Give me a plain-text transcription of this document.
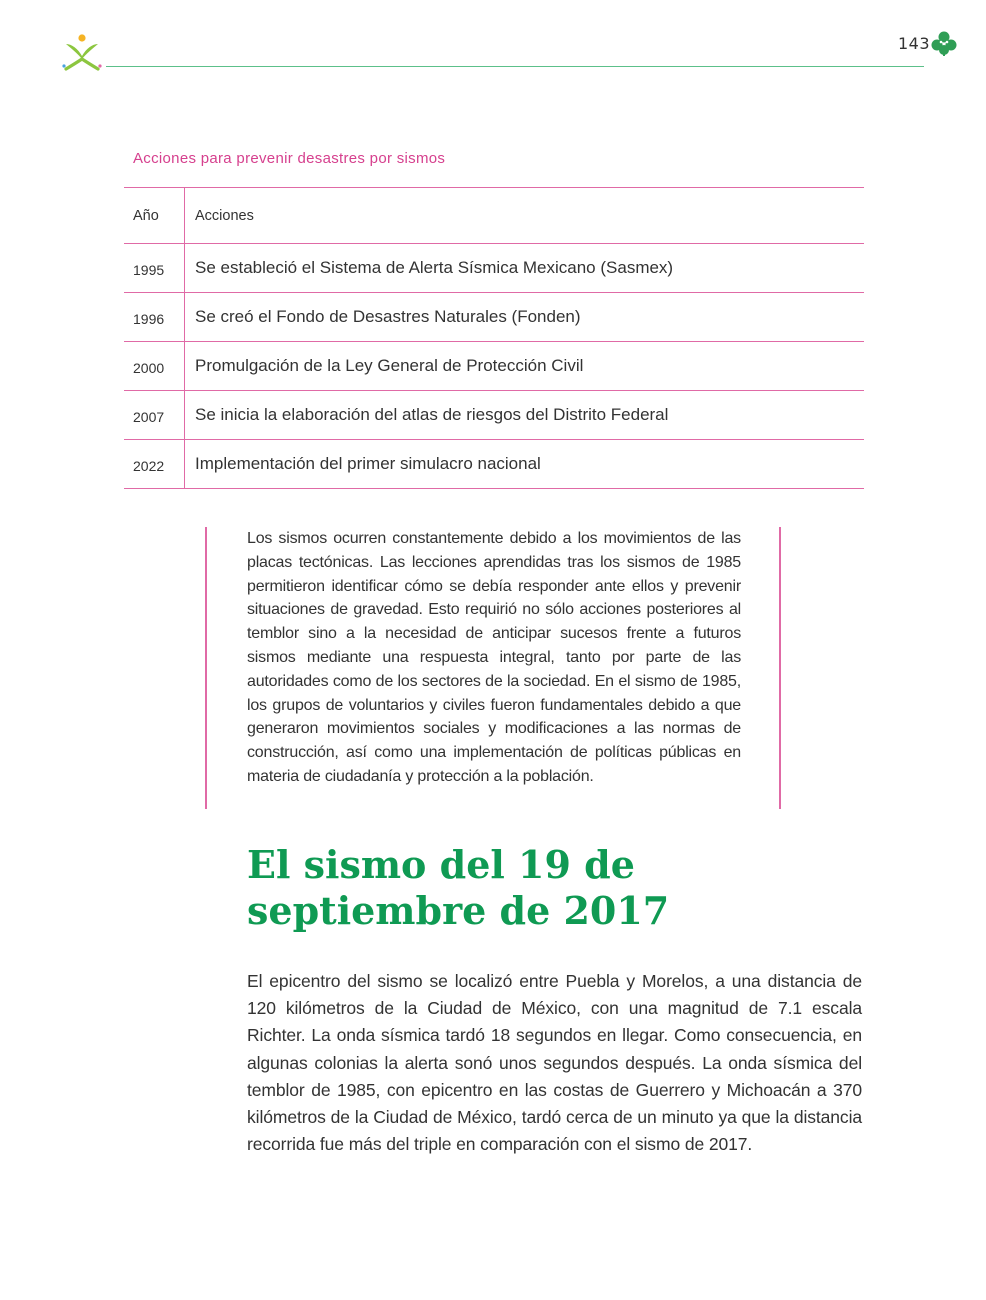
143
Acciones para prevenir desastres por sismos
Año	Acciones
1995	Se estableció el Sistema de Alerta Sísmica Mexicano (Sasmex)
1996	Se creó el Fondo de Desastres Naturales (Fonden)
2000	Promulgación de la Ley General de Protección Civil
2007	Se inicia la elaboración del atlas de riesgos del Distrito Federal
2022	Implementación del primer simulacro nacional
Los sismos ocurren constantemente debido a los movimientos de las placas tectónicas. Las lecciones aprendidas tras los sismos de 1985 permitieron identificar cómo se debía responder ante ellos y prevenir situaciones de gravedad. Esto requirió no sólo acciones posteriores al temblor sino a la necesidad de anticipar sucesos frente a futuros sismos mediante una respuesta integral, tanto por parte de las autoridades como de los sectores de la sociedad. En el sismo de 1985, los grupos de voluntarios y civiles fueron fundamentales debido a que generaron movimientos sociales y modificaciones a las normas de construcción, así como una implementación de políticas públicas en materia de ciudadanía y protección a la población.
El sismo del 19 de septiembre de 2017
El epicentro del sismo se localizó entre Puebla y Morelos, a una distancia de 120 kilómetros de la Ciudad de México, con una magnitud de 7.1 escala Richter. La onda sísmica tardó 18 segundos en llegar. Como consecuencia, en algunas colonias la alerta sonó unos segundos después. La onda sísmica del temblor de 1985, con epicentro en las costas de Guerrero y Michoacán a 370 kilómetros de la Ciudad de México, tardó cerca de un minuto ya que la distancia recorrida fue más del triple en comparación con el sismo de 2017.
